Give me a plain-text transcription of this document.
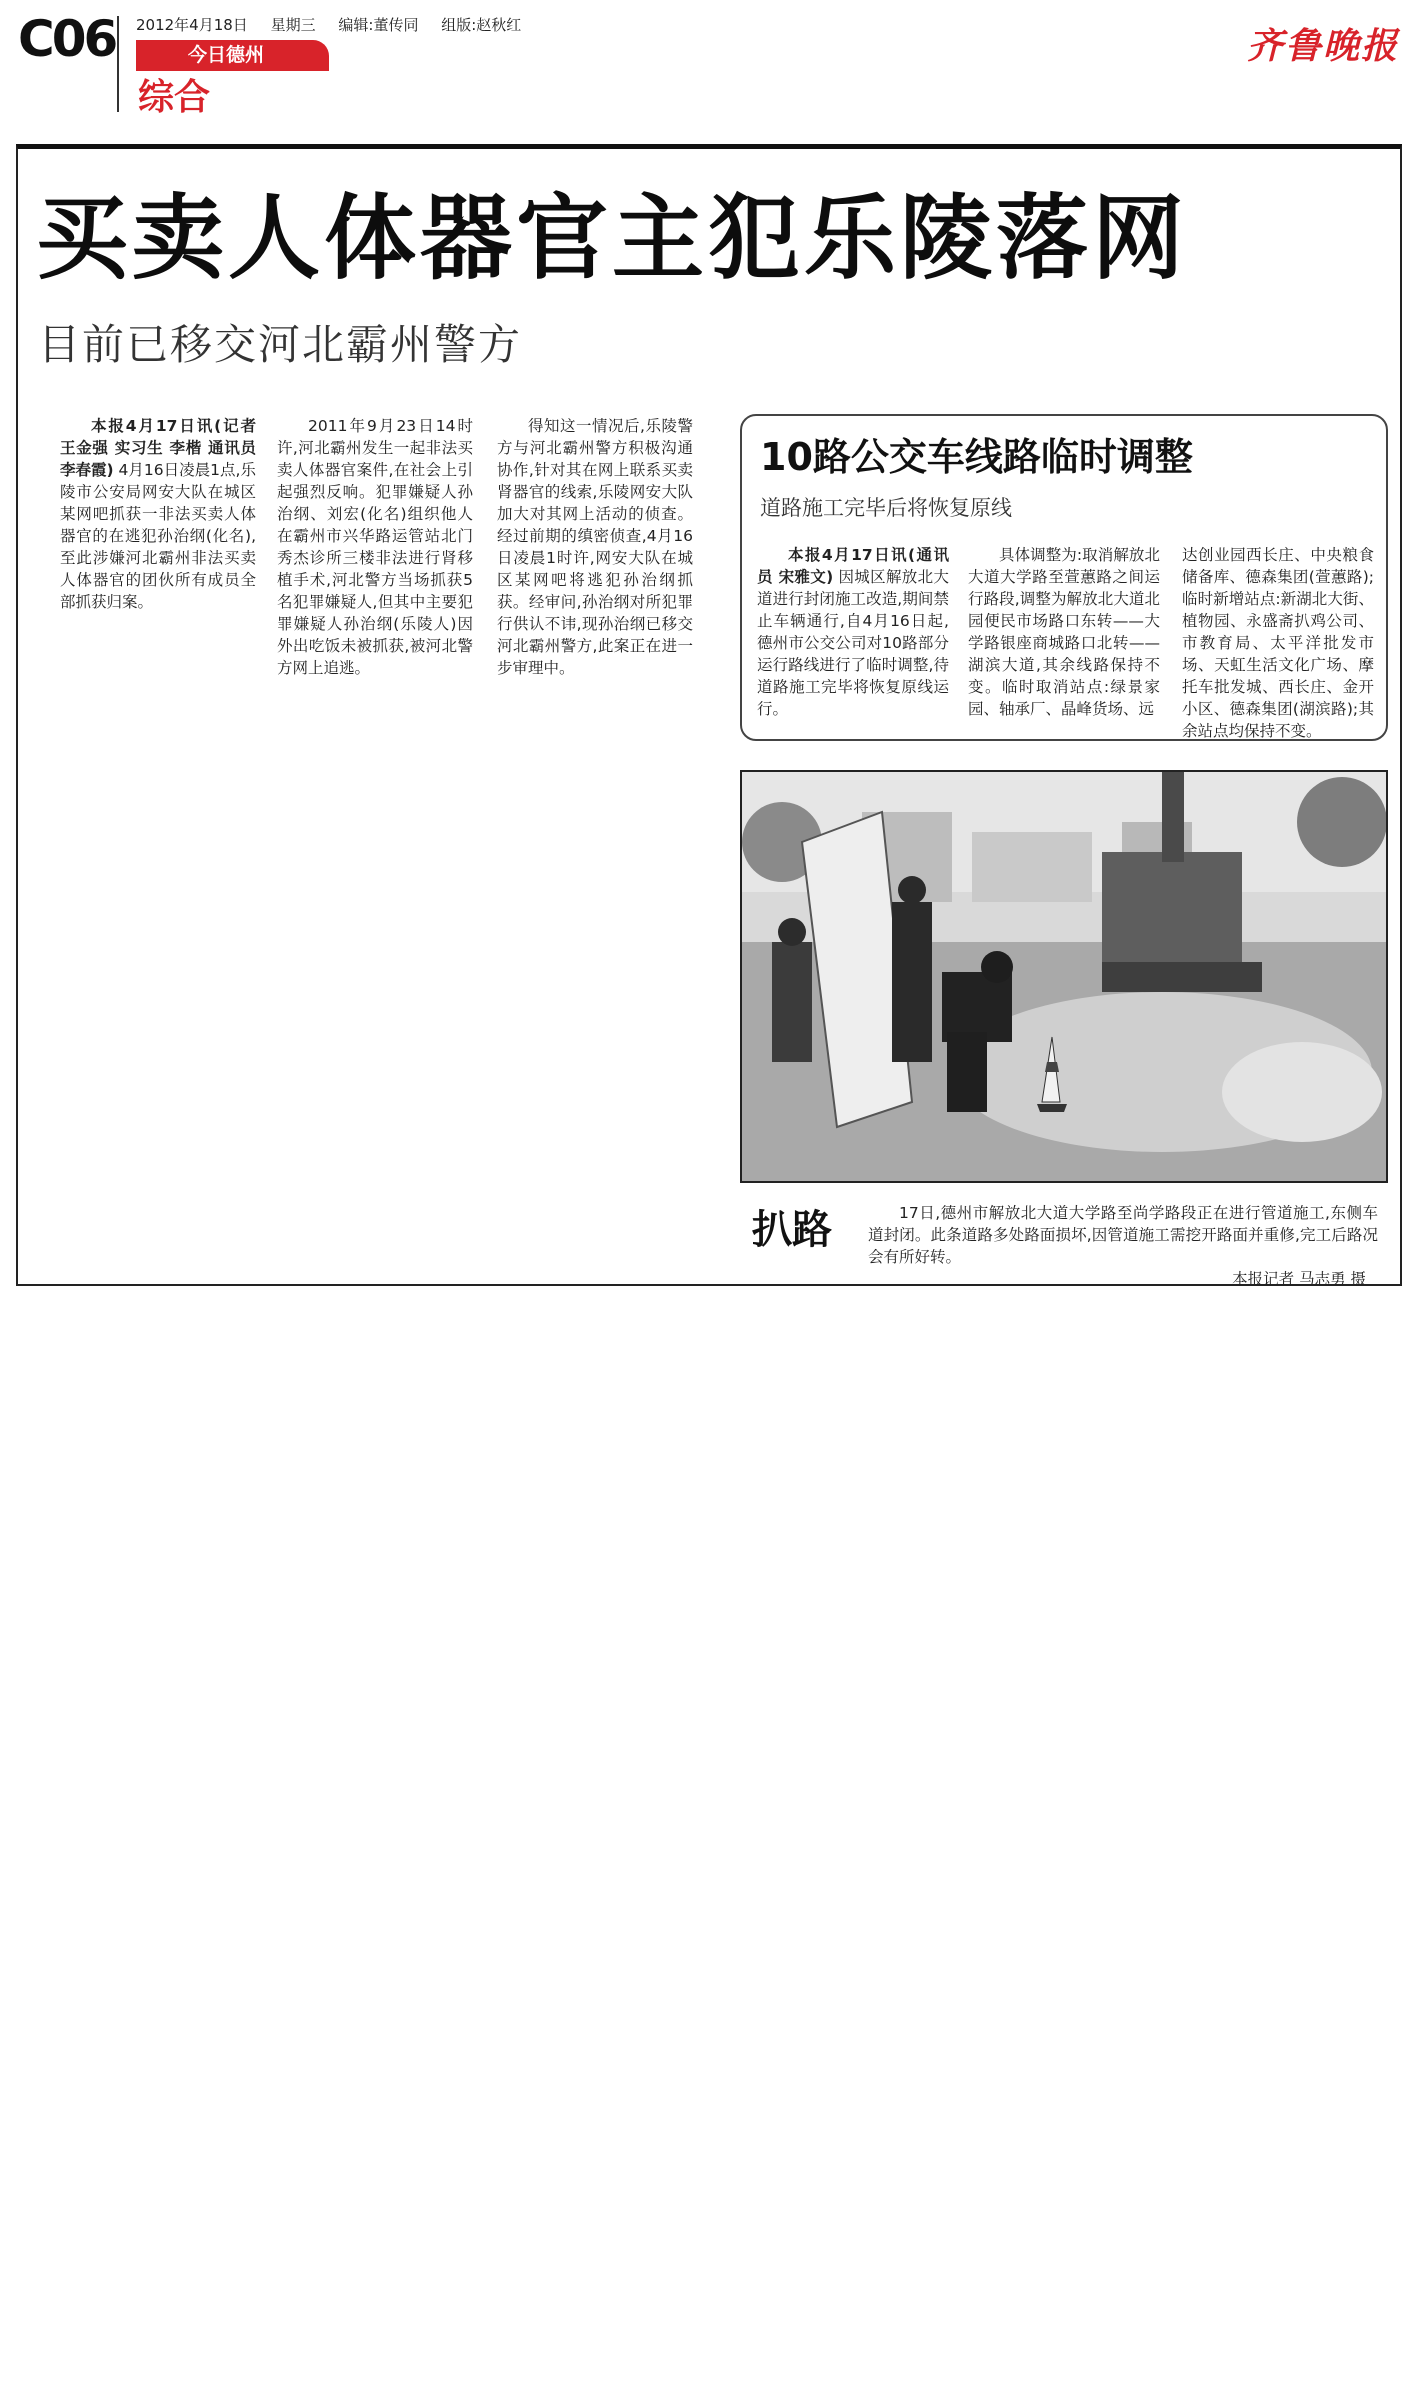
C06 2012年4月18日 星期三 编辑:董传同 组版:赵秋红
今日德州
综合
齐鲁晚报
买卖人体器官主犯乐陵落网
目前已移交河北霸州警方

本报4月17日讯(记者 王金强 实习生 李楷 通讯员 李春霞) 4月16日凌晨1点,乐陵市公安局网安大队在城区某网吧抓获一非法买卖人体器官的在逃犯孙治纲(化名),至此涉嫌河北霸州非法买卖人体器官的团伙所有成员全部抓获归案。

2011年9月23日14时许,河北霸州发生一起非法买卖人体器官案件,在社会上引起强烈反响。犯罪嫌疑人孙治纲、刘宏(化名)组织他人在霸州市兴华路运管站北门秀杰诊所三楼非法进行肾移植手术,河北警方当场抓获5名犯罪嫌疑人,但其中主要犯罪嫌疑人孙治纲(乐陵人)因外出吃饭未被抓获,被河北警方网上追逃。

得知这一情况后,乐陵警方与河北霸州警方积极沟通协作,针对其在网上联系买卖肾器官的线索,乐陵网安大队加大对其网上活动的侦查。经过前期的缜密侦查,4月16日凌晨1时许,网安大队在城区某网吧将逃犯孙治纲抓获。经审问,孙治纲对所犯罪行供认不讳,现孙治纲已移交河北霸州警方,此案正在进一步审理中。

10路公交车线路临时调整
道路施工完毕后将恢复原线

本报4月17日讯(通讯员 宋雅文) 因城区解放北大道进行封闭施工改造,期间禁止车辆通行,自4月16日起,德州市公交公司对10路部分运行路线进行了临时调整,待道路施工完毕将恢复原线运行。

具体调整为:取消解放北大道大学路至萱蕙路之间运行路段,调整为解放北大道北园便民市场路口东转——大学路银座商城路口北转——湖滨大道,其余线路保持不变。临时取消站点:绿景家园、轴承厂、晶峰货场、远

达创业园西长庄、中央粮食储备库、德森集团(萱蕙路);临时新增站点:新湖北大街、植物园、永盛斋扒鸡公司、市教育局、太平洋批发市场、天虹生活文化广场、摩托车批发城、西长庄、金开小区、德森集团(湖滨路);其余站点均保持不变。
扒路	17日,德州市解放北大道大学路至尚学路段正在进行管道施工,东侧车道封闭。此条道路多处路面损坏,因管道施工需挖开路面并重修,完工后路况会有所好转。

本报记者 马志勇 摄
